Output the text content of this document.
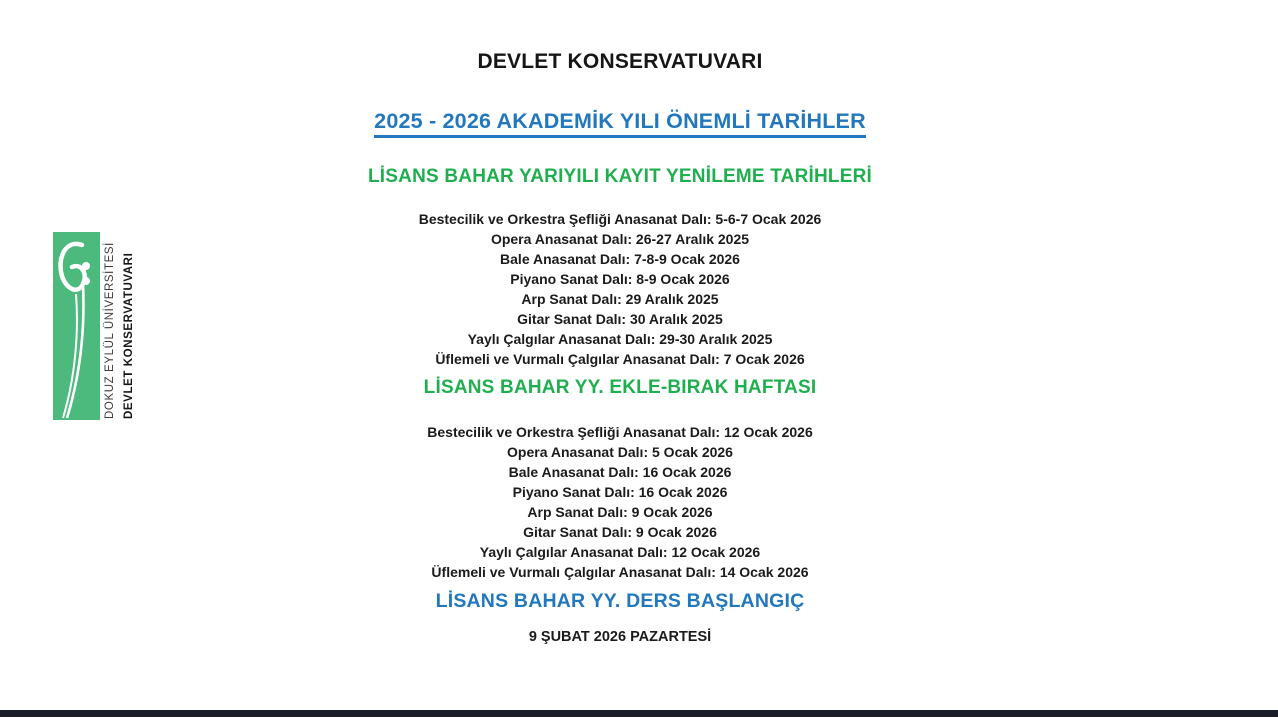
DOKUZ EYLÜL ÜNİVERSİTESİ DEVLET KONSERVATUVARI
DEVLET KONSERVATUVARI
2025 - 2026 AKADEMİK YILI ÖNEMLİ TARİHLER
LİSANS BAHAR YARIYILI KAYIT YENİLEME TARİHLERİ
Bestecilik ve Orkestra Şefliği Anasanat Dalı: 5-6-7 Ocak 2026
Opera Anasanat Dalı: 26-27 Aralık 2025
Bale Anasanat Dalı: 7-8-9 Ocak 2026
Piyano Sanat Dalı: 8-9 Ocak 2026
Arp Sanat Dalı: 29 Aralık 2025
Gitar Sanat Dalı: 30 Aralık 2025
Yaylı Çalgılar Anasanat Dalı: 29-30 Aralık 2025
Üflemeli ve Vurmalı Çalgılar Anasanat Dalı: 7 Ocak 2026
LİSANS BAHAR YY. EKLE-BIRAK HAFTASI
Bestecilik ve Orkestra Şefliği Anasanat Dalı: 12 Ocak 2026
Opera Anasanat Dalı: 5 Ocak 2026
Bale Anasanat Dalı: 16 Ocak 2026
Piyano Sanat Dalı: 16 Ocak 2026
Arp Sanat Dalı: 9 Ocak 2026
Gitar Sanat Dalı: 9 Ocak 2026
Yaylı Çalgılar Anasanat Dalı: 12 Ocak 2026
Üflemeli ve Vurmalı Çalgılar Anasanat Dalı: 14 Ocak 2026
LİSANS BAHAR YY. DERS BAŞLANGIÇ
9 ŞUBAT 2026 PAZARTESİ
